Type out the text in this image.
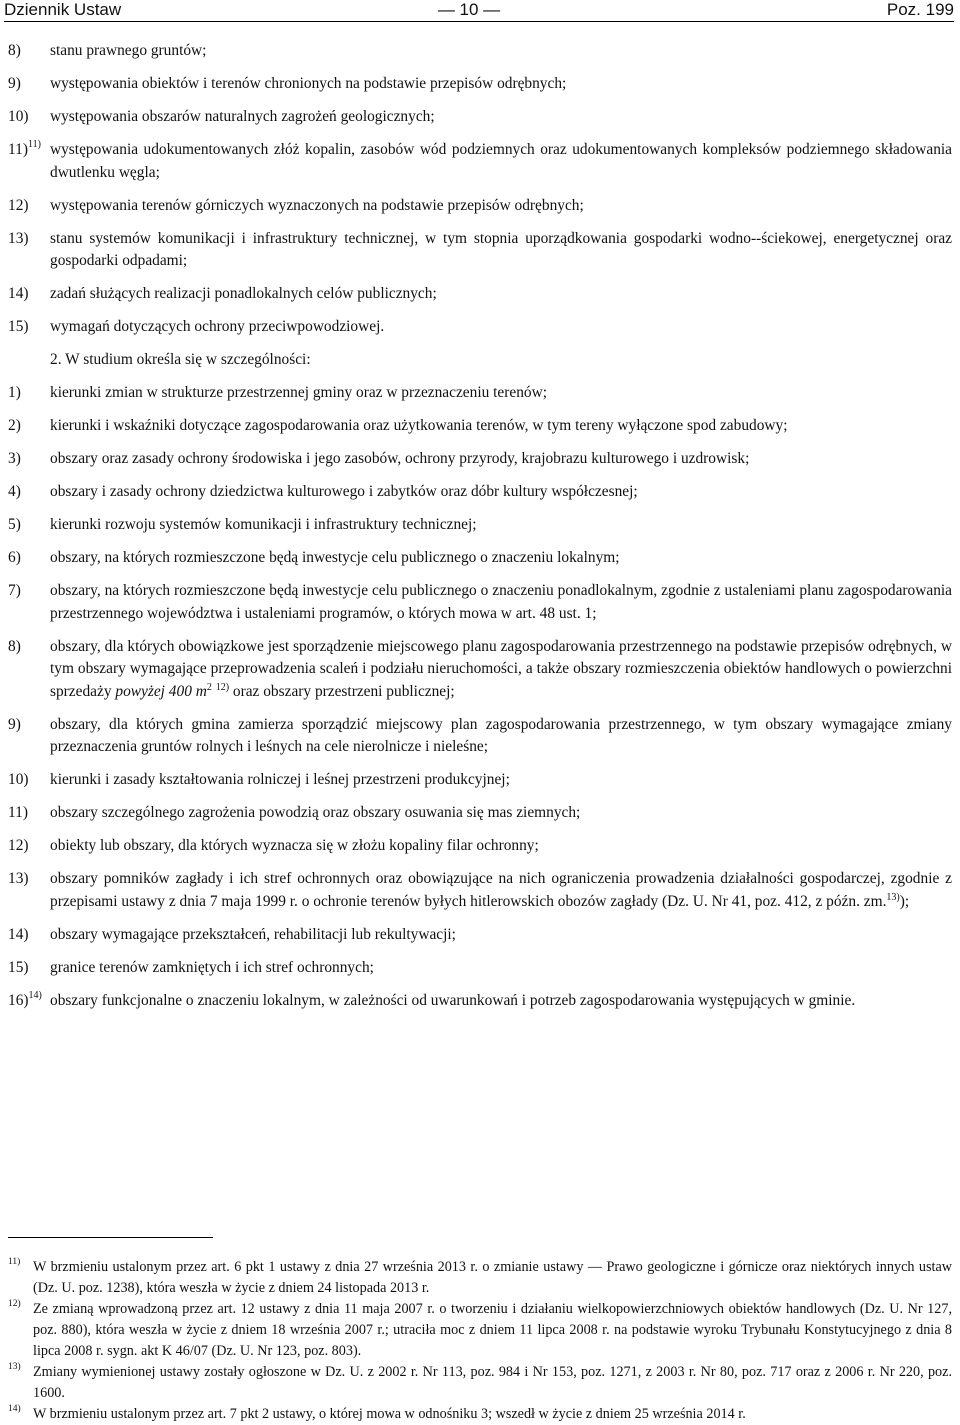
Dziennik Ustaw	— 10 —	Poz. 199
8) stanu prawnego gruntów;
9) występowania obiektów i terenów chronionych na podstawie przepisów odrębnych;
10) występowania obszarów naturalnych zagrożeń geologicznych;
11)$^{11)}$ występowania udokumentowanych złóż kopalin, zasobów wód podziemnych oraz udokumentowanych kompleksów podziemnego składowania dwutlenku węgla;
12) występowania terenów górniczych wyznaczonych na podstawie przepisów odrębnych;
13) stanu systemów komunikacji i infrastruktury technicznej, w tym stopnia uporządkowania gospodarki wodno--ściekowej, energetycznej oraz gospodarki odpadami;
14) zadań służących realizacji ponadlokalnych celów publicznych;
15) wymagań dotyczących ochrony przeciwpowodziowej.
2. W studium określa się w szczególności:
1) kierunki zmian w strukturze przestrzennej gminy oraz w przeznaczeniu terenów;
2) kierunki i wskaźniki dotyczące zagospodarowania oraz użytkowania terenów, w tym tereny wyłączone spod zabudowy;
3) obszary oraz zasady ochrony środowiska i jego zasobów, ochrony przyrody, krajobrazu kulturowego i uzdrowisk;
4) obszary i zasady ochrony dziedzictwa kulturowego i zabytków oraz dóbr kultury współczesnej;
5) kierunki rozwoju systemów komunikacji i infrastruktury technicznej;
6) obszary, na których rozmieszczone będą inwestycje celu publicznego o znaczeniu lokalnym;
7) obszary, na których rozmieszczone będą inwestycje celu publicznego o znaczeniu ponadlokalnym, zgodnie z ustaleniami planu zagospodarowania przestrzennego województwa i ustaleniami programów, o których mowa w art. 48 ust. 1;
8) obszary, dla których obowiązkowe jest sporządzenie miejscowego planu zagospodarowania przestrzennego na podstawie przepisów odrębnych, w tym obszary wymagające przeprowadzenia scaleń i podziału nieruchomości, a także obszary rozmieszczenia obiektów handlowych o powierzchni sprzedaży powyżej 400 $m^2$ $^{12)}$ oraz obszary przestrzeni publicznej;
9) obszary, dla których gmina zamierza sporządzić miejscowy plan zagospodarowania przestrzennego, w tym obszary wymagające zmiany przeznaczenia gruntów rolnych i leśnych na cele nierolnicze i nieleśne;
10) kierunki i zasady kształtowania rolniczej i leśnej przestrzeni produkcyjnej;
11) obszary szczególnego zagrożenia powodzią oraz obszary osuwania się mas ziemnych;
12) obiekty lub obszary, dla których wyznacza się w złożu kopaliny filar ochronny;
13) obszary pomników zagłady i ich stref ochronnych oraz obowiązujące na nich ograniczenia prowadzenia działalności gospodarczej, zgodnie z przepisami ustawy z dnia 7 maja 1999 r. o ochronie terenów byłych hitlerowskich obozów zagłady (Dz. U. Nr 41, poz. 412, z późn. zm.$^{13)}$);
14) obszary wymagające przekształceń, rehabilitacji lub rekultywacji;
15) granice terenów zamkniętych i ich stref ochronnych;
16)$^{14)}$ obszary funkcjonalne o znaczeniu lokalnym, w zależności od uwarunkowań i potrzeb zagospodarowania występujących w gminie.
11) W brzmieniu ustalonym przez art. 6 pkt 1 ustawy z dnia 27 września 2013 r. o zmianie ustawy — Prawo geologiczne i górnicze oraz niektórych innych ustaw (Dz. U. poz. 1238), która weszła w życie z dniem 24 listopada 2013 r.
12) Ze zmianą wprowadzoną przez art. 12 ustawy z dnia 11 maja 2007 r. o tworzeniu i działaniu wielkopowierzchniowych obiektów handlowych (Dz. U. Nr 127, poz. 880), która weszła w życie z dniem 18 września 2007 r.; utraciła moc z dniem 11 lipca 2008 r. na podstawie wyroku Trybunału Konstytucyjnego z dnia 8 lipca 2008 r. sygn. akt K 46/07 (Dz. U. Nr 123, poz. 803).
13) Zmiany wymienionej ustawy zostały ogłoszone w Dz. U. z 2002 r. Nr 113, poz. 984 i Nr 153, poz. 1271, z 2003 r. Nr 80, poz. 717 oraz z 2006 r. Nr 220, poz. 1600.
14) W brzmieniu ustalonym przez art. 7 pkt 2 ustawy, o której mowa w odnośniku 3; wszedł w życie z dniem 25 września 2014 r.
